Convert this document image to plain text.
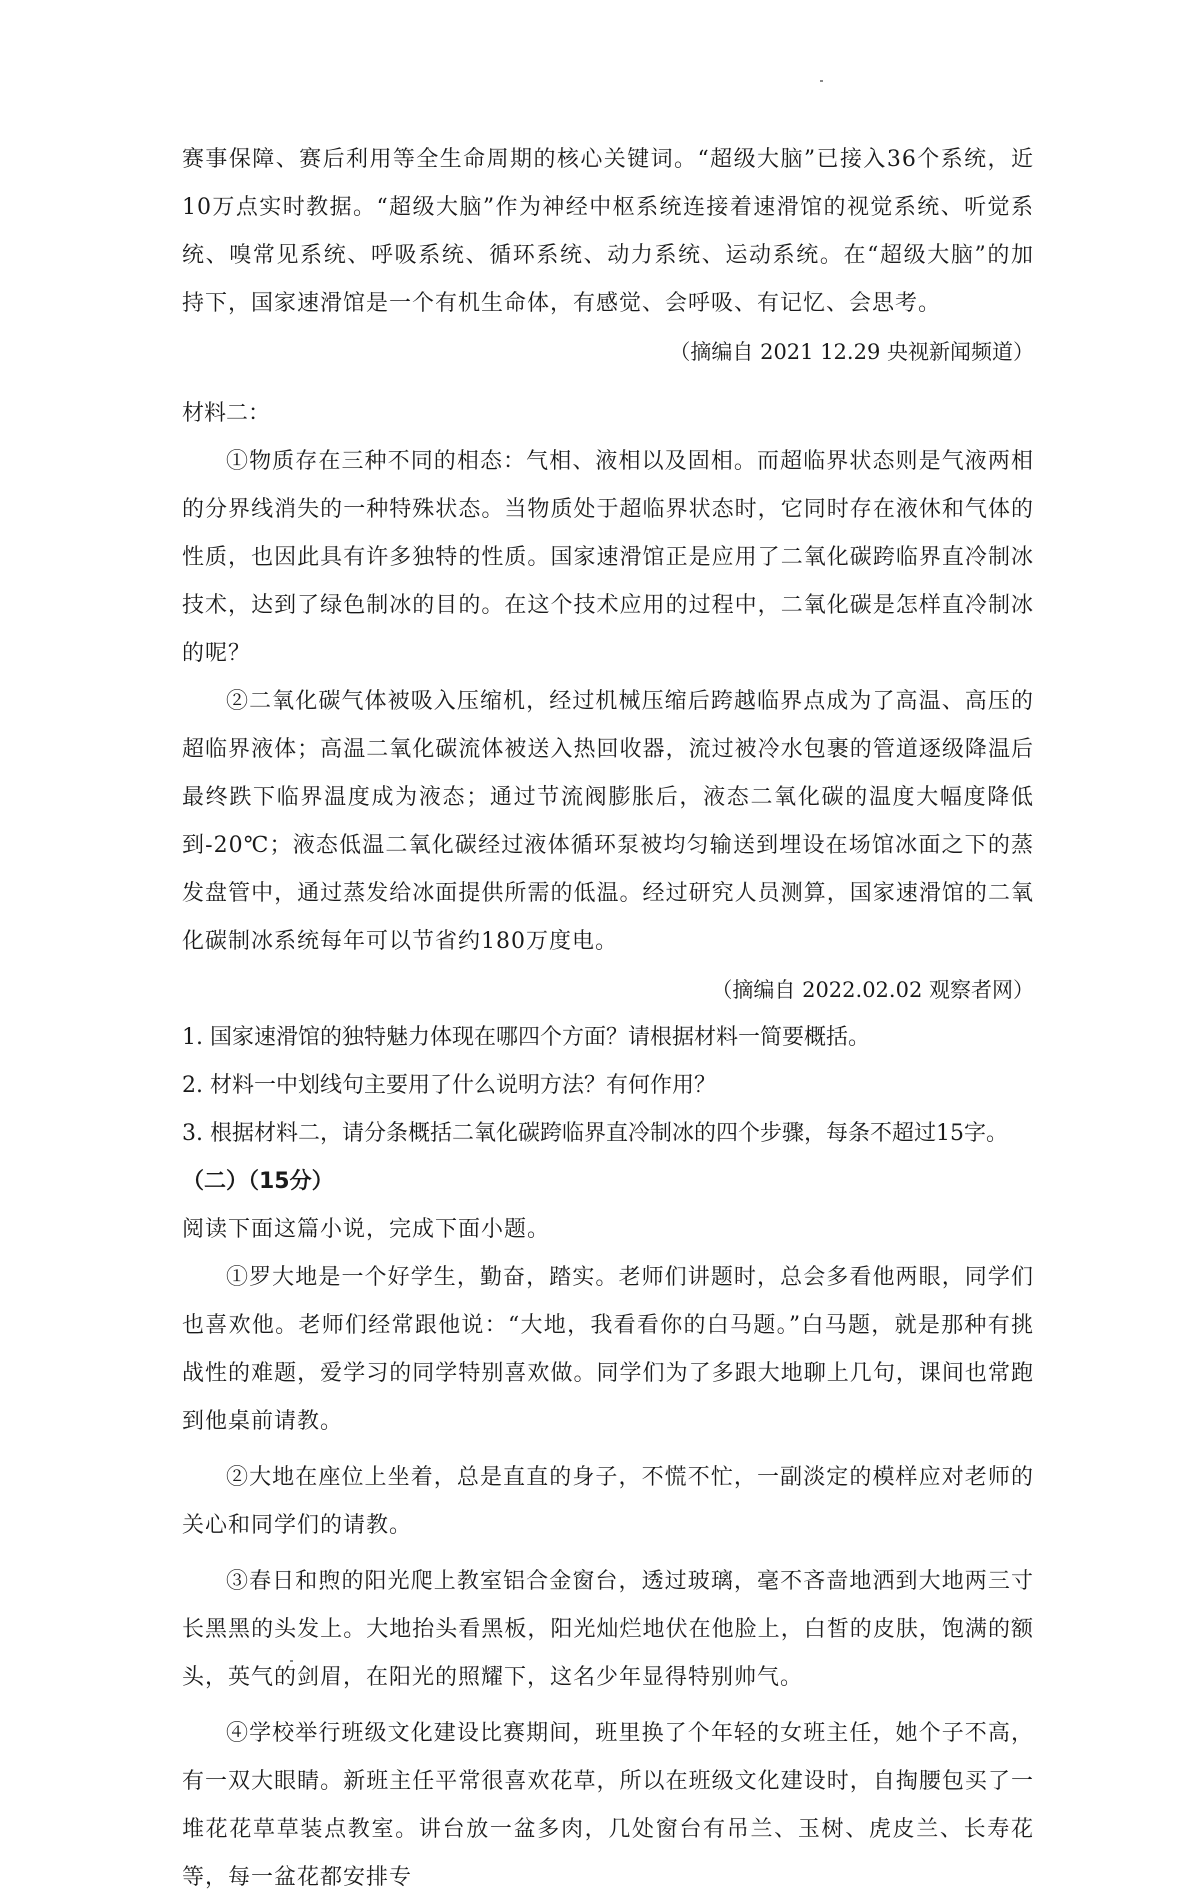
赛事保障、赛后利用等全生命周期的核心关键词。“超级大脑”已接入36个系统，近10万点实时教据。“超级大脑”作为神经中枢系统连接着速滑馆的视觉系统、听觉系统、嗅常见系统、呼吸系统、循环系统、动力系统、运动系统。在“超级大脑”的加持下，国家速滑馆是一个有机生命体，有感觉、会呼吸、有记忆、会思考。

（摘编自 2021 12.29 央视新闻频道）

材料二：

①物质存在三种不同的相态：气相、液相以及固相。而超临界状态则是气液两相的分界线消失的一种特殊状态。当物质处于超临界状态时，它同时存在液休和气体的性质，也因此具有许多独特的性质。国家速滑馆正是应用了二氧化碳跨临界直冷制冰技术，达到了绿色制冰的目的。在这个技术应用的过程中，二氧化碳是怎样直冷制冰的呢？

②二氧化碳气体被吸入压缩机，经过机械压缩后跨越临界点成为了高温、高压的超临界液体；高温二氧化碳流体被送入热回收器，流过被冷水包裹的管道逐级降温后最终跌下临界温度成为液态；通过节流阀膨胀后，液态二氧化碳的温度大幅度降低到-20℃；液态低温二氧化碳经过液体循环泵被均匀输送到埋设在场馆冰面之下的蒸发盘管中，通过蒸发给冰面提供所需的低温。经过研究人员测算，国家速滑馆的二氧化碳制冰系统每年可以节省约180万度电。

（摘编自 2022.02.02 观察者网）

1. 国家速滑馆的独特魅力体现在哪四个方面？请根据材料一简要概括。

2. 材料一中划线句主要用了什么说明方法？有何作用？

3. 根据材料二，请分条概括二氧化碳跨临界直冷制冰的四个步骤，每条不超过15字。

（二）（15分）

阅读下面这篇小说，完成下面小题。

①罗大地是一个好学生，勤奋，踏实。老师们讲题时，总会多看他两眼，同学们也喜欢他。老师们经常跟他说：“大地，我看看你的白马题。”白马题，就是那种有挑战性的难题，爱学习的同学特别喜欢做。同学们为了多跟大地聊上几句，课间也常跑到他桌前请教。

②大地在座位上坐着，总是直直的身子，不慌不忙，一副淡定的模样应对老师的关心和同学们的请教。

③春日和煦的阳光爬上教室铝合金窗台，透过玻璃，毫不吝啬地洒到大地两三寸长黑黑的头发上。大地抬头看黑板，阳光灿烂地伏在他脸上，白皙的皮肤，饱满的额头，英气的剑眉，在阳光的照耀下，这名少年显得特别帅气。

④学校举行班级文化建设比赛期间，班里换了个年轻的女班主任，她个子不高，有一双大眼睛。新班主任平常很喜欢花草，所以在班级文化建设时，自掏腰包买了一堆花花草草装点教室。讲台放一盆多肉，几处窗台有吊兰、玉树、虎皮兰、长寿花等，每一盆花都安排专
